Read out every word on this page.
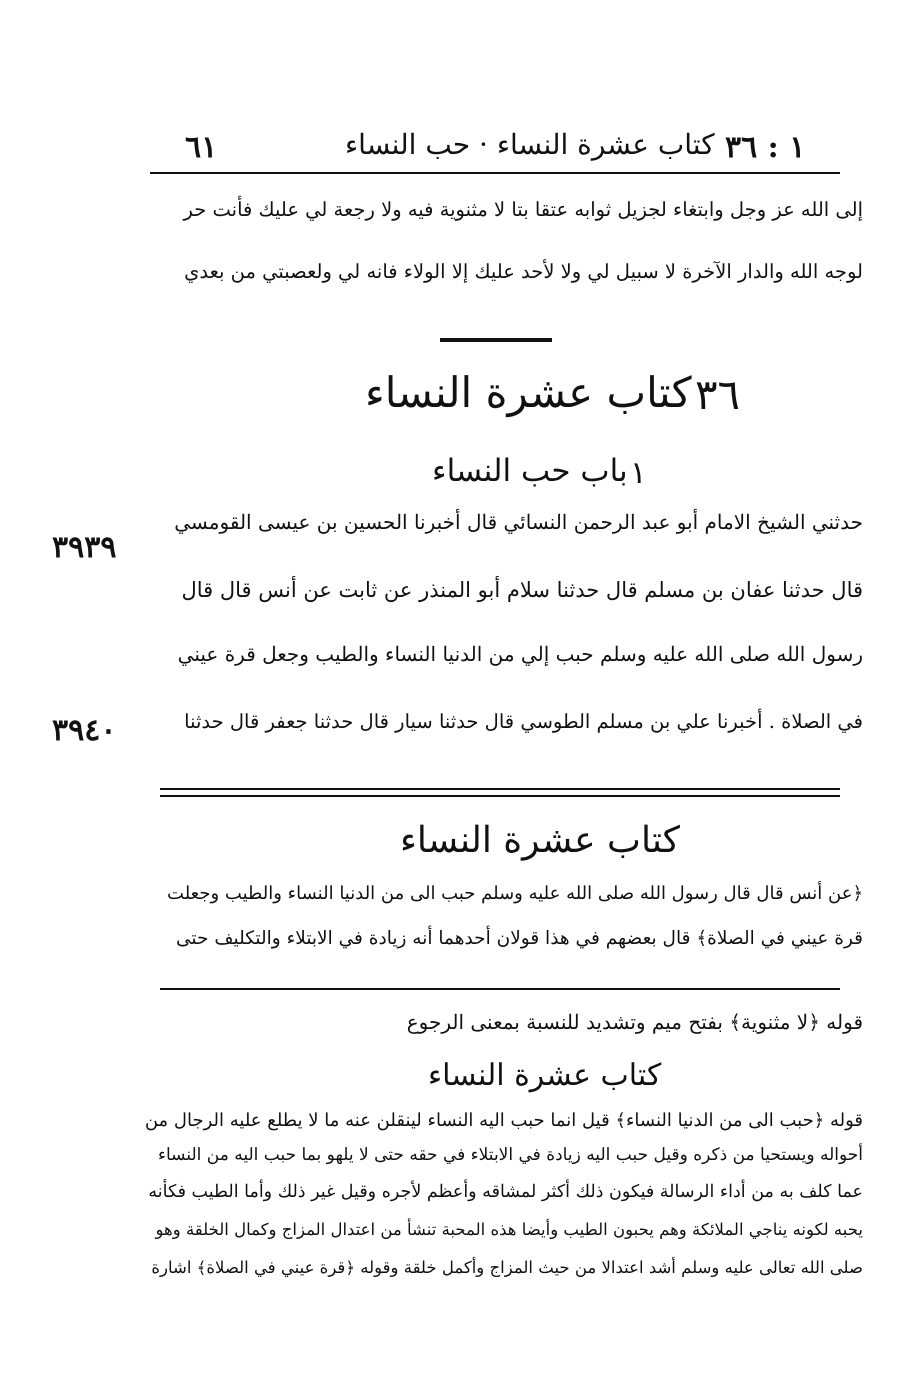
١ : ٣٦
كتاب عشرة النساء · حب النساء
٦١
إلى الله عز وجل وابتغاء لجزيل ثوابه عتقا بتا لا مثنوية فيه ولا رجعة لي عليك فأنت حر
لوجه الله والدار الآخرة لا سبيل لي ولا لأحد عليك إلا الولاء فانه لي ولعصبتي من بعدي
٣٦
كتاب عشرة النساء
١
باب حب النساء
حدثني الشيخ الامام أبو عبد الرحمن النسائي قال أخبرنا الحسين بن عيسى القومسي
قال حدثنا عفان بن مسلم قال حدثنا سلام أبو المنذر عن ثابت عن أنس قال قال
رسول الله صلى الله عليه وسلم حبب إلي من الدنيا النساء والطيب وجعل قرة عيني
في الصلاة . أخبرنا علي بن مسلم الطوسي قال حدثنا سيار قال حدثنا جعفر قال حدثنا
٣٩٣٩
٣٩٤٠
كتاب عشرة النساء
﴿عن أنس قال قال رسول الله صلى الله عليه وسلم حبب الى من الدنيا النساء والطيب وجعلت
قرة عيني في الصلاة﴾ قال بعضهم في هذا قولان أحدهما أنه زيادة في الابتلاء والتكليف حتى
قوله ﴿لا مثنوية﴾ بفتح ميم وتشديد للنسبة بمعنى الرجوع
كتاب عشرة النساء
قوله ﴿حبب الى من الدنيا النساء﴾ قيل انما حبب اليه النساء لينقلن عنه ما لا يطلع عليه الرجال من
أحواله ويستحيا من ذكره وقيل حبب اليه زيادة في الابتلاء في حقه حتى لا يلهو بما حبب اليه من النساء
عما كلف به من أداء الرسالة فيكون ذلك أكثر لمشاقه وأعظم لأجره وقيل غير ذلك وأما الطيب فكأنه
يحبه لكونه يناجي الملائكة وهم يحبون الطيب وأيضا هذه المحبة تنشأ من اعتدال المزاج وكمال الخلقة وهو
صلى الله تعالى عليه وسلم أشد اعتدالا من حيث المزاج وأكمل خلقة وقوله ﴿قرة عيني في الصلاة﴾ اشارة
